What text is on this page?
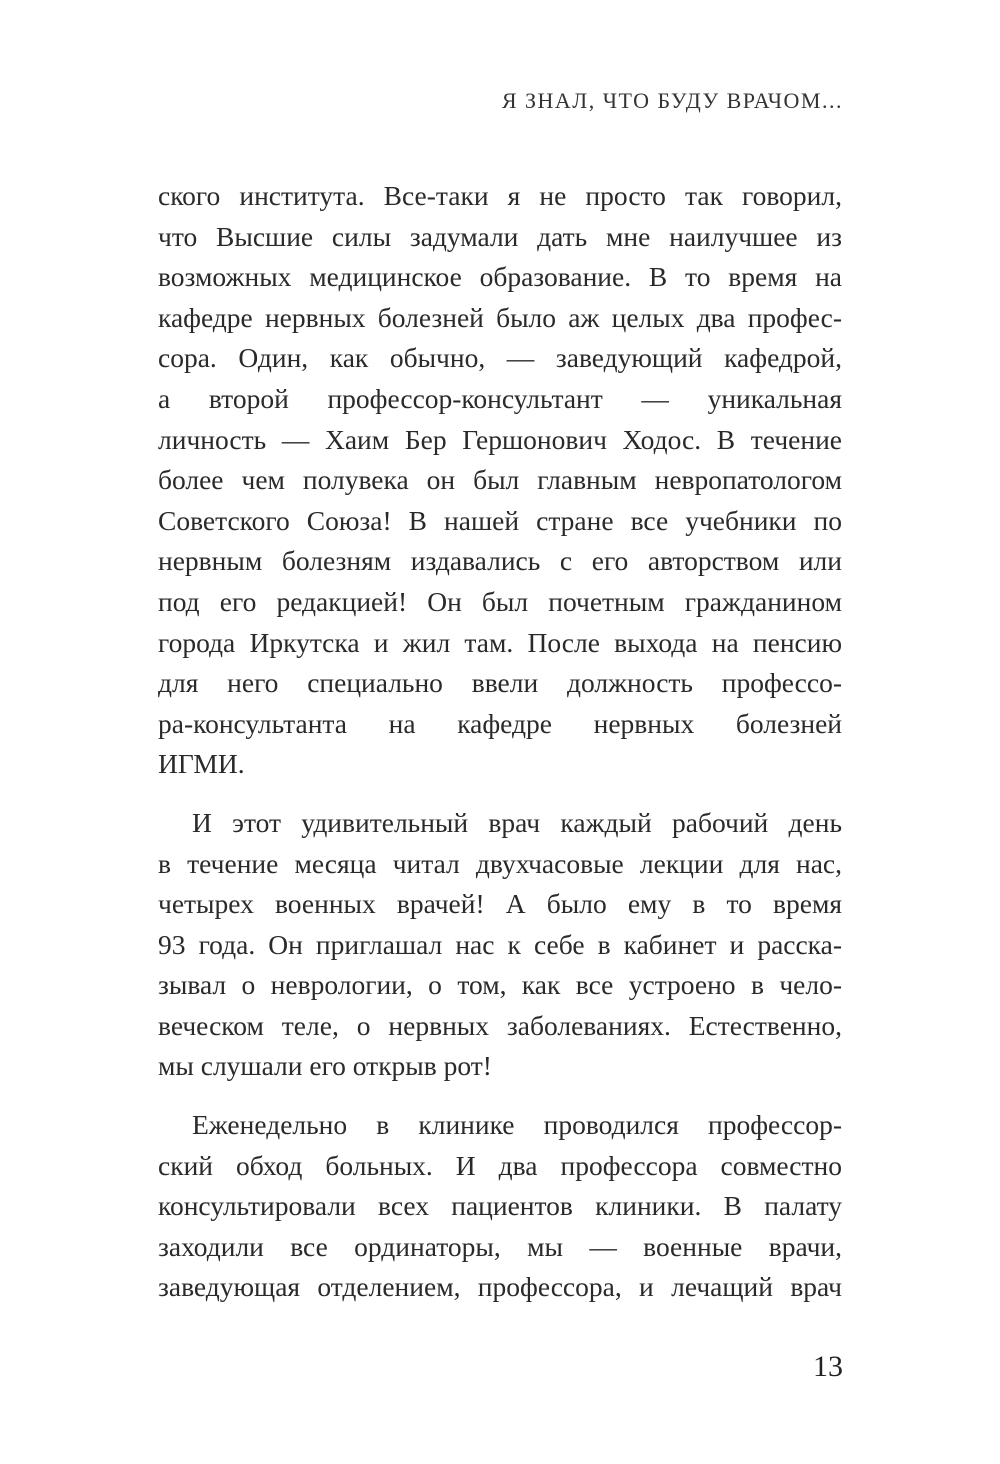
Я ЗНАЛ, ЧТО БУДУ ВРАЧОМ...
ского института. Все-таки я не просто так говорил,
что Высшие силы задумали дать мне наилучшее из
возможных медицинское образование. В то время на
кафедре нервных болезней было аж целых два профес-
сора. Один, как обычно, — заведующий кафедрой,
а второй профессор-консультант — уникальная
личность — Хаим Бер Гершонович Ходос. В течение
более чем полувека он был главным невропатологом
Советского Союза! В нашей стране все учебники по
нервным болезням издавались с его авторством или
под его редакцией! Он был почетным гражданином
города Иркутска и жил там. После выхода на пенсию
для него специально ввели должность профессо-
ра-консультанта на кафедре нервных болезней
ИГМИ.
И этот удивительный врач каждый рабочий день
в течение месяца читал двухчасовые лекции для нас,
четырех военных врачей! А было ему в то время
93 года. Он приглашал нас к себе в кабинет и расска-
зывал о неврологии, о том, как все устроено в чело-
веческом теле, о нервных заболеваниях. Естественно,
мы слушали его открыв рот!
Еженедельно в клинике проводился профессор-
ский обход больных. И два профессора совместно
консультировали всех пациентов клиники. В палату
заходили все ординаторы, мы — военные врачи,
заведующая отделением, профессора, и лечащий врач
13
